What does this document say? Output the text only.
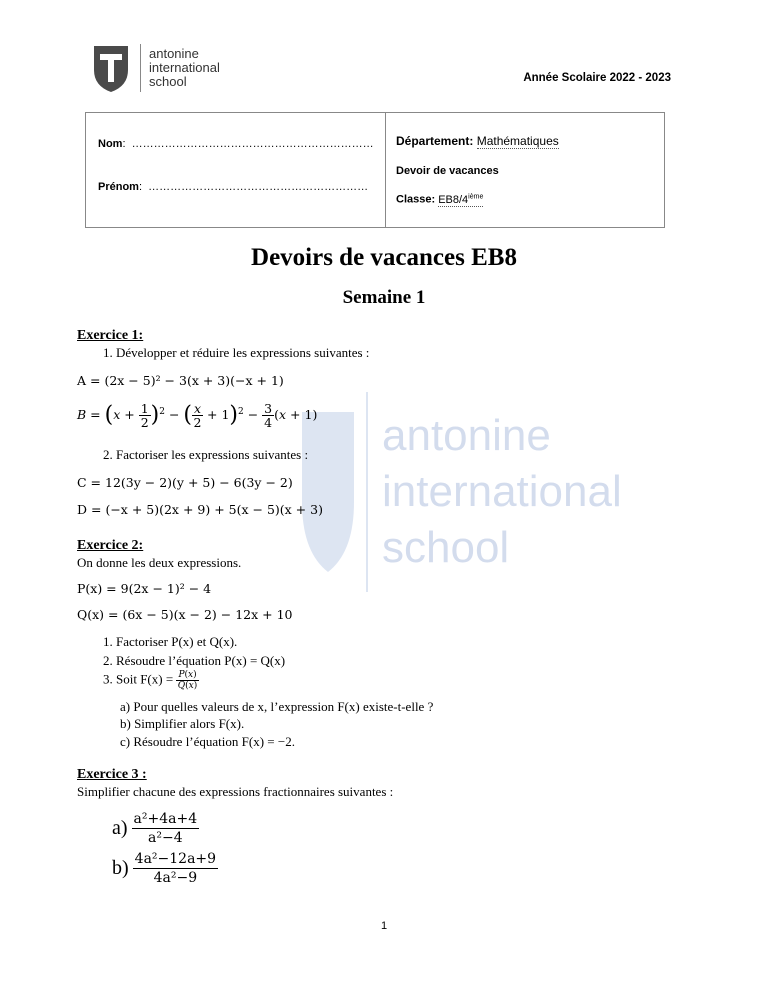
antonine
international
school	Année Scolaire 2022 - 2023
Nom:  …………………………………………………………
Prénom:  ……………………………………………………
Département: Mathématiques
Devoir de vacances
Classe: EB8/4ième
antonine
international
school
Devoirs de vacances EB8
Semaine 1
Exercice 1:
1. Développer et réduire les expressions suivantes :
A = (2x − 5)² − 3(x + 3)(−x + 1)
$B = (x + \frac{1}{2} )^2$ − ( $\frac{x}{2} + 1)^2 - \frac{3}{4} (x + 1)$
2. Factoriser les expressions suivantes :
C = 12(3y − 2)(y + 5) − 6(3y − 2)
D = (−x + 5)(2x + 9) + 5(x − 5)(x + 3)
Exercice 2:
On donne les deux expressions.
P(x) = 9(2x − 1)² − 4
Q(x) = (6x − 5)(x − 2) − 12x + 10
1. Factoriser P(x) et Q(x).
2. Résoudre l’équation P(x) = Q(x)
3. Soit $F(x) = \frac{P(x)}{Q(x)}$
a) Pour quelles valeurs de x, l’expression F(x) existe-t-elle ?
b) Simplifier alors F(x).
c) Résoudre l’équation F(x) = −2.
Exercice 3 :
Simplifier chacune des expressions fractionnaires suivantes :
$a) \frac{\text{a²+4a+4}}{\text{a²−4}}$
$b) \frac{\text{4a²−12a+9}}{\text{4a²−9}}$
1
